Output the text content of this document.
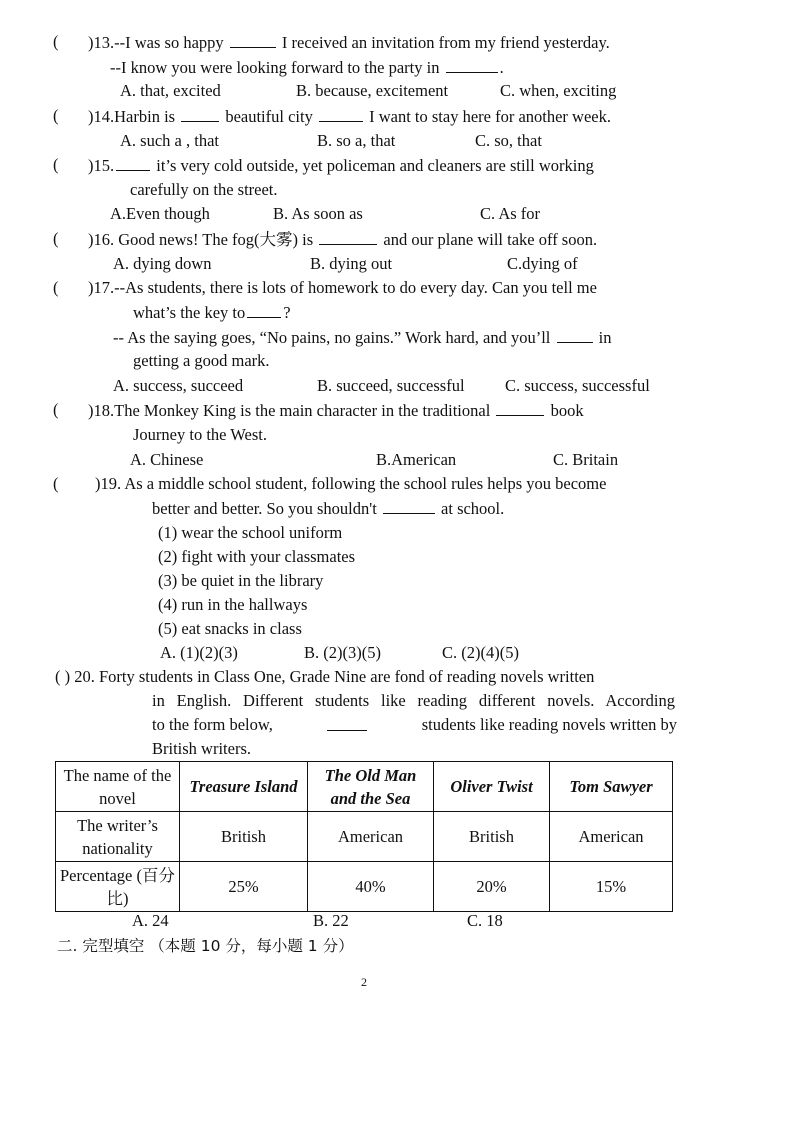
( )13.--I was so happy	I received an invitation from my friend yesterday.
--I know you were looking forward to the party in	.
A. that, excited	B. because, excitement	C. when, exciting
( )14.Harbin is	beautiful city	I want to stay here for another week.
A. such a , that	B. so a, that	C. so, that
( )15.	it’s very cold outside, yet policeman and cleaners are still working
carefully on the street.
A.Even though	B. As soon as	C. As for
( )16. Good news! The fog(大雾) is	and our plane will take off soon.
A. dying down	B. dying out	C.dying of
( )17.--As students, there is lots of homework to do every day. Can you tell me
what’s the key to ?
-- As the saying goes, “No pains, no gains.” Work hard, and you’ll	in
getting a good mark.
A. success, succeed	B. succeed, successful C. success, successful
( )18.The Monkey King is the main character in the traditional	book
Journey to the West.
A. Chinese	B.American	C. Britain
( )19. As a middle school student, following the school rules helps you become
better and better. So you shouldn't	at school.
(1) wear the school uniform
(2) fight with your classmates
(3) be quiet in the library
(4) run in the hallways
(5) eat snacks in class
A. (1)(2)(3)	B. (2)(3)(5)	C. (2)(4)(5)
( ) 20. Forty students in Class One, Grade Nine are fond of reading novels written
in English. Different students like reading different novels. According
to the form below,	students like reading novels written by
British writers.
The name of the novel	Treasure Island	The Old Man and the Sea	Oliver Twist	Tom Sawyer
The writer’s nationality	British	American	British	American
Percentage (百分比)	25%	40%	20%	15%
A. 24	B. 22	C. 18
二. 完型填空 （本题 10 分，每小题 1 分）
2
